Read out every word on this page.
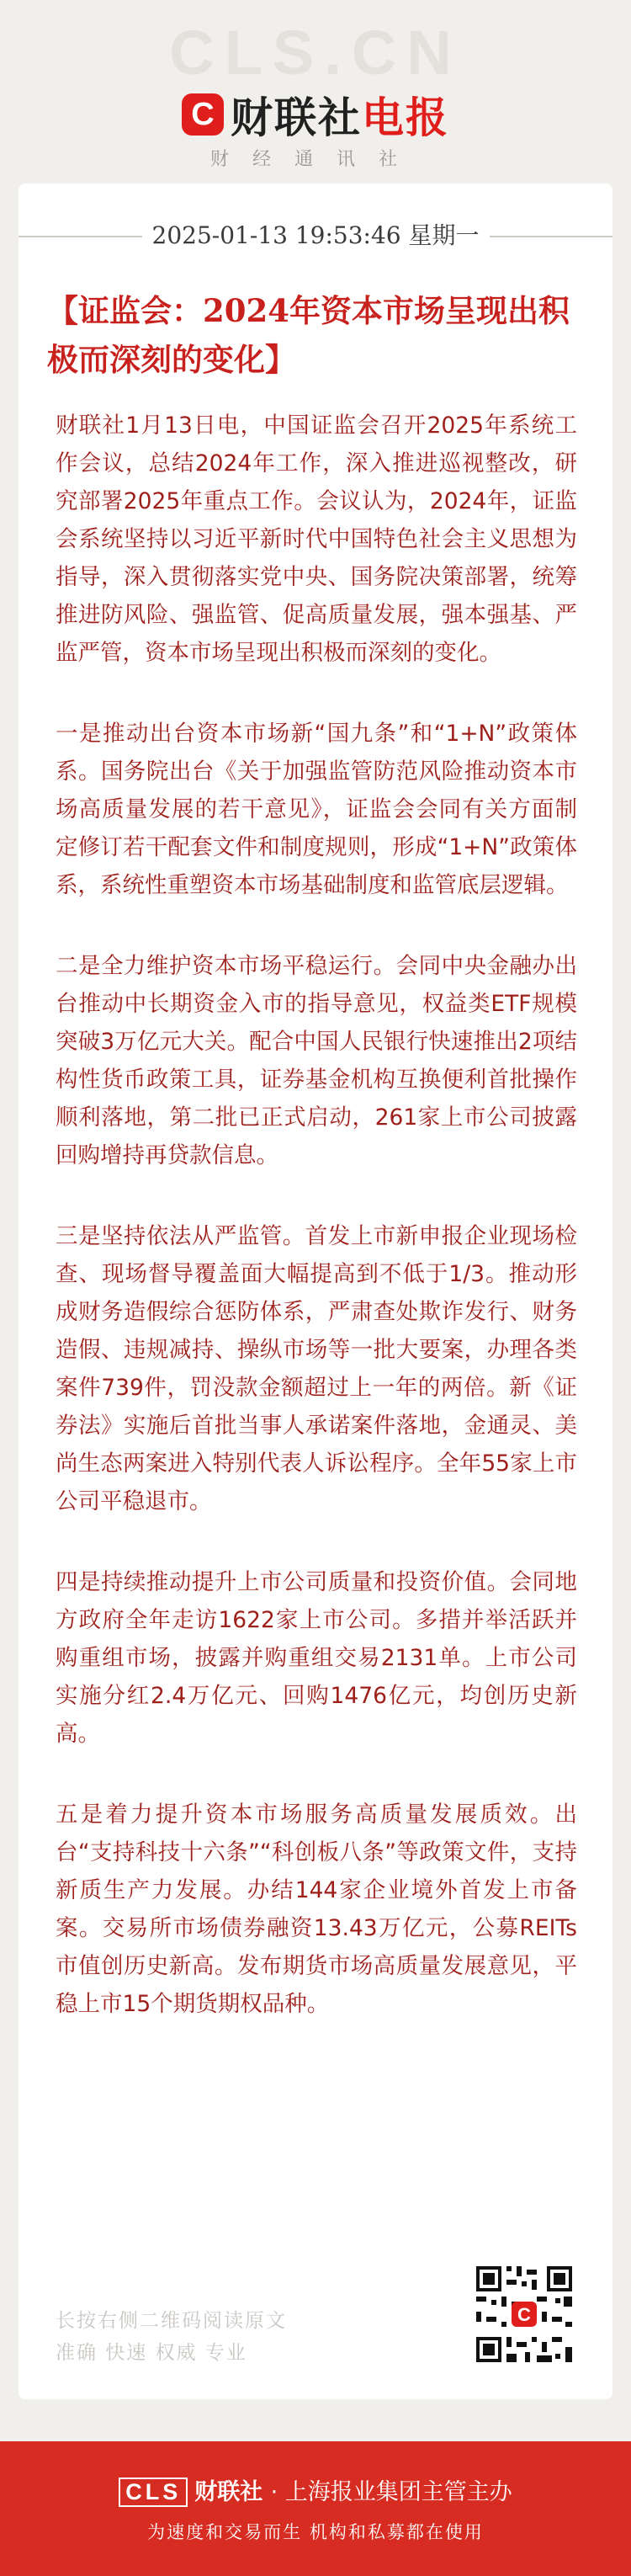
CLS.CN
C 财联社电报
财经通讯社
2025-01-13 19:53:46 星期一
【证监会：2024年资本市场呈现出积极而深刻的变化】

财联社1月13日电，中国证监会召开2025年系统工作会议，总结2024年工作，深入推进巡视整改，研究部署2025年重点工作。会议认为，2024年，证监会系统坚持以习近平新时代中国特色社会主义思想为指导，深入贯彻落实党中央、国务院决策部署，统筹推进防风险、强监管、促高质量发展，强本强基、严监严管，资本市场呈现出积极而深刻的变化。

一是推动出台资本市场新“国九条”和“1+N”政策体系。国务院出台《关于加强监管防范风险推动资本市场高质量发展的若干意见》，证监会会同有关方面制定修订若干配套文件和制度规则，形成“1+N”政策体系，系统性重塑资本市场基础制度和监管底层逻辑。

二是全力维护资本市场平稳运行。会同中央金融办出台推动中长期资金入市的指导意见，权益类ETF规模突破3万亿元大关。配合中国人民银行快速推出2项结构性货币政策工具，证券基金机构互换便利首批操作顺利落地，第二批已正式启动，261家上市公司披露回购增持再贷款信息。

三是坚持依法从严监管。首发上市新申报企业现场检查、现场督导覆盖面大幅提高到不低于1/3。推动形成财务造假综合惩防体系，严肃查处欺诈发行、财务造假、违规减持、操纵市场等一批大要案，办理各类案件739件，罚没款金额超过上一年的两倍。新《证券法》实施后首批当事人承诺案件落地，金通灵、美尚生态两案进入特别代表人诉讼程序。全年55家上市公司平稳退市。

四是持续推动提升上市公司质量和投资价值。会同地方政府全年走访1622家上市公司。多措并举活跃并购重组市场，披露并购重组交易2131单。上市公司实施分红2.4万亿元、回购1476亿元，均创历史新高。

五是着力提升资本市场服务高质量发展质效。出台“支持科技十六条”“科创板八条”等政策文件，支持新质生产力发展。办结144家企业境外首发上市备案。交易所市场债券融资13.43万亿元，公募REITs市值创历史新高。发布期货市场高质量发展意见，平稳上市15个期货期权品种。

长按右侧二维码阅读原文
准确 快速 权威 专业
C
CLS 财联社 · 上海报业集团主管主办
为速度和交易而生 机构和私募都在使用
